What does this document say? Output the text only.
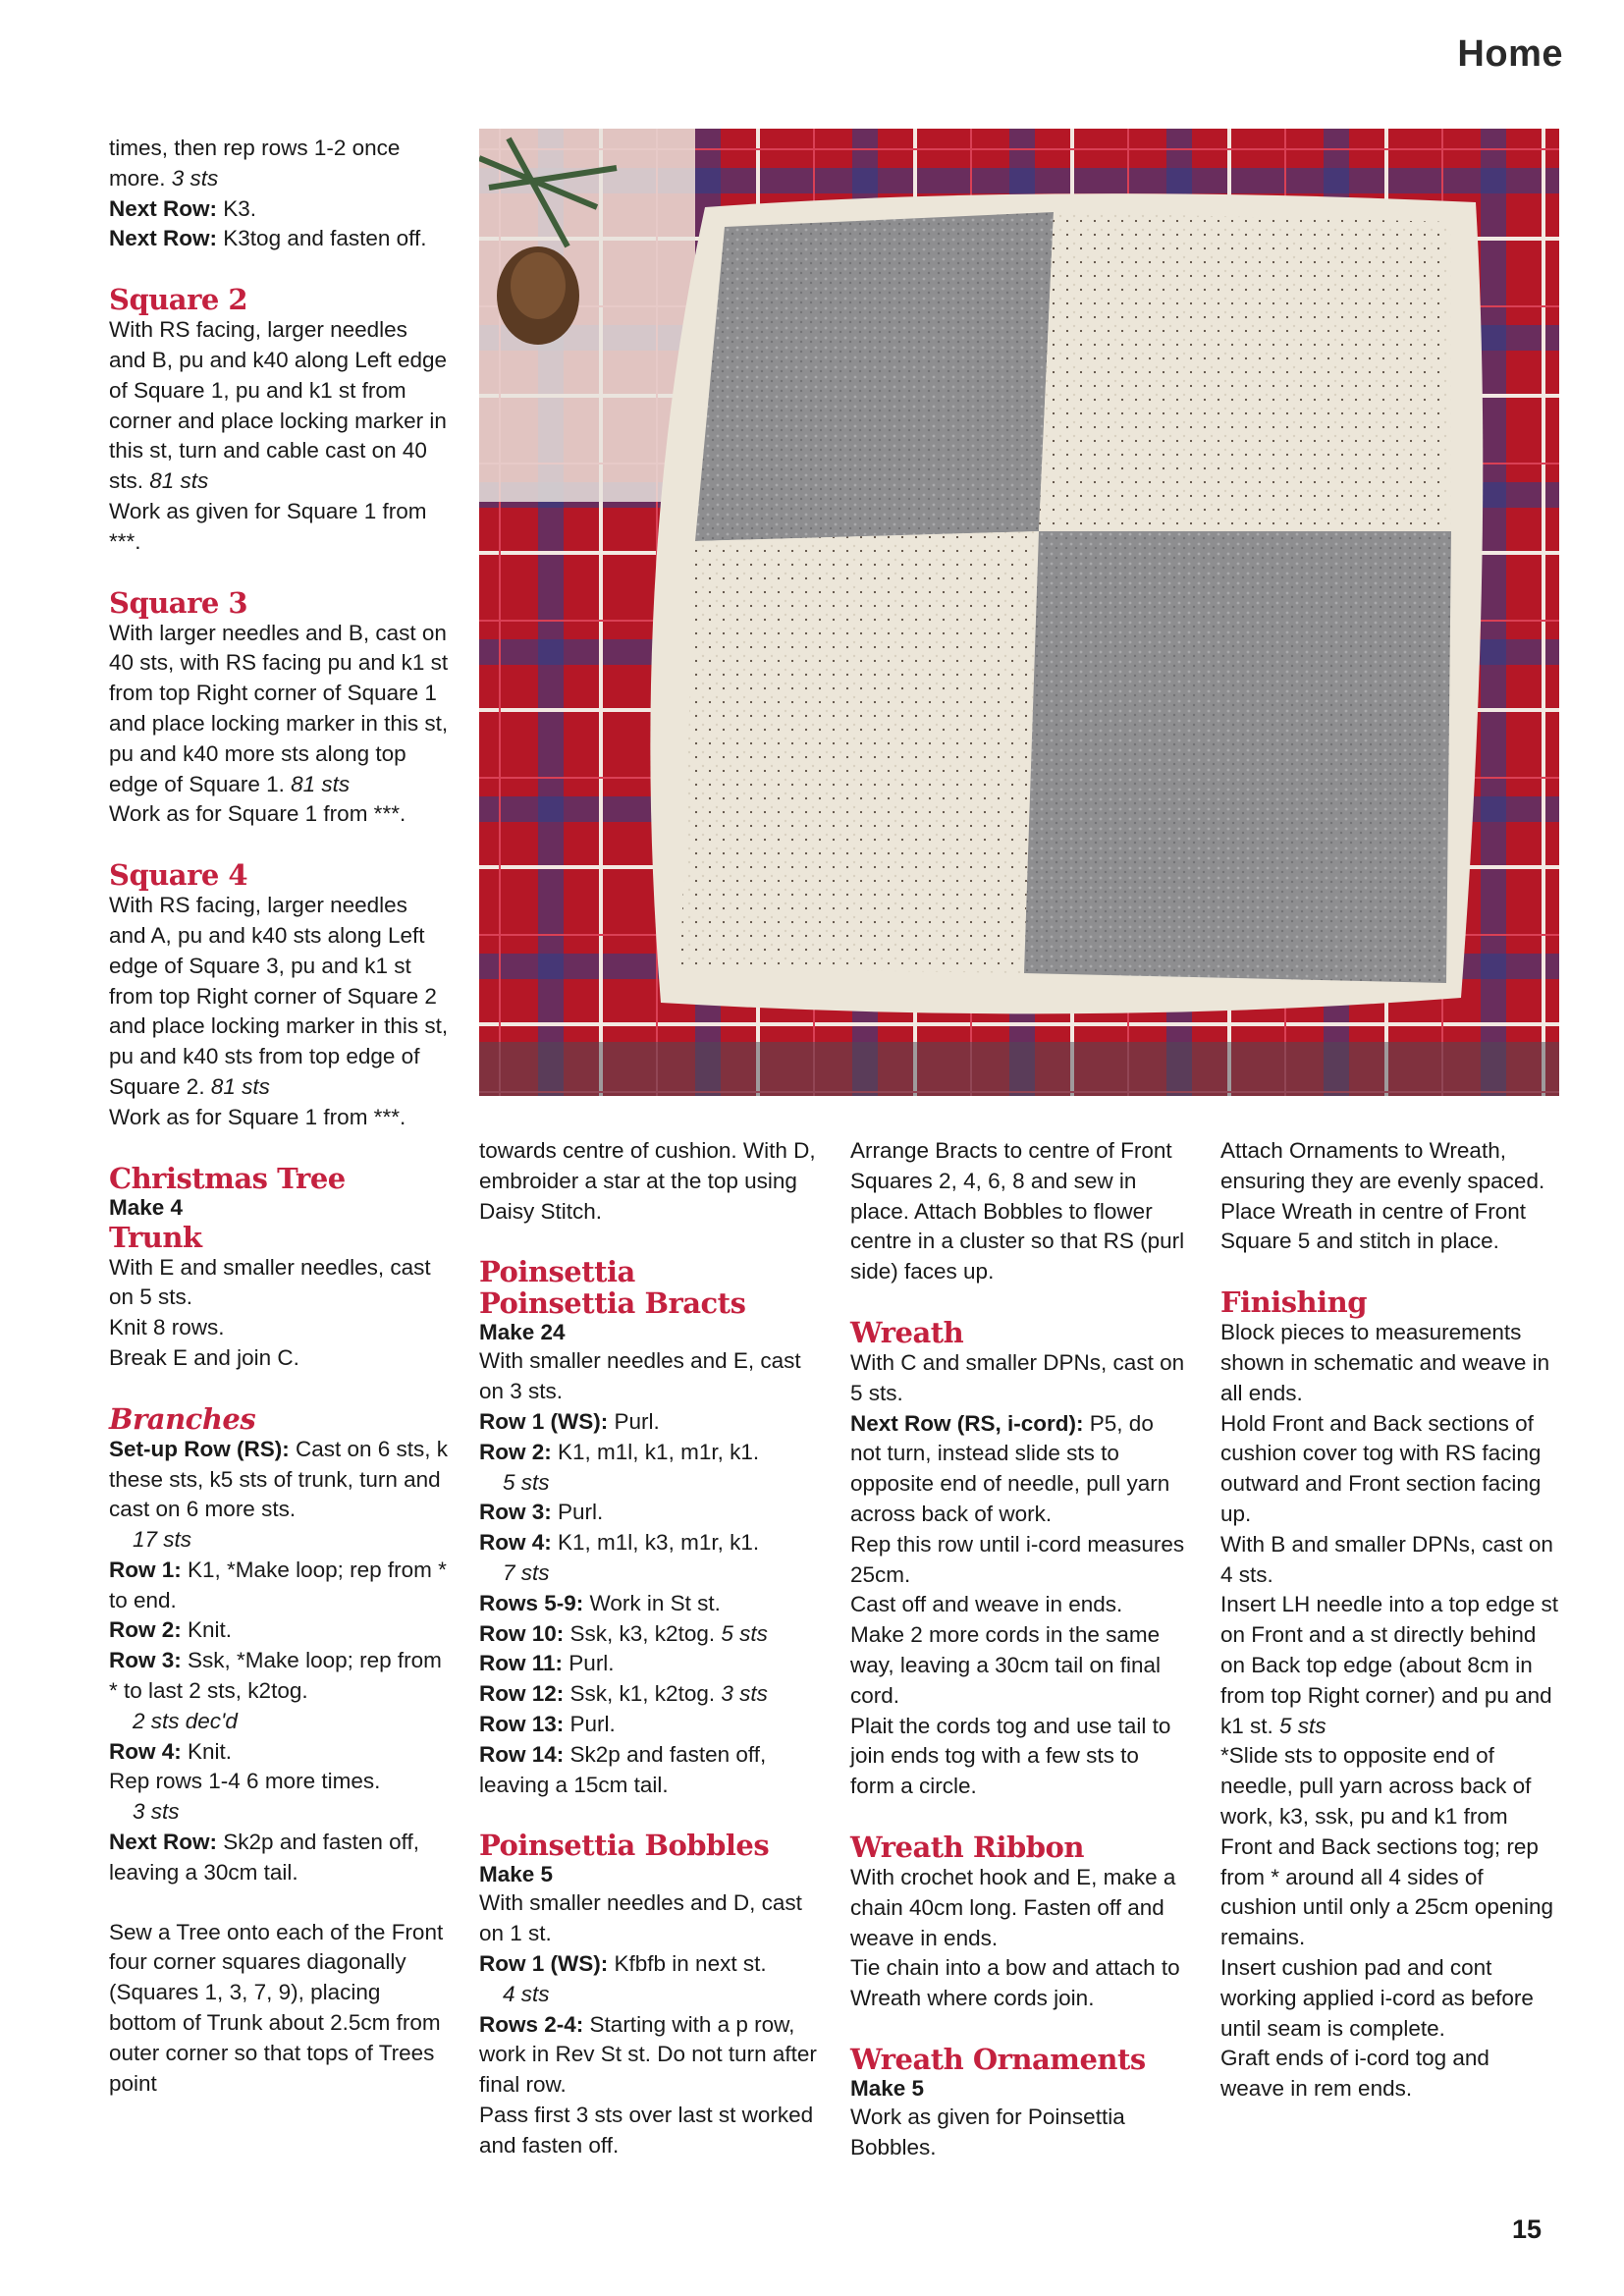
Home

times, then rep rows 1-2 once more. 3 sts

Next Row: K3.

Next Row: K3tog and fasten off.

Square 2

With RS facing, larger needles and B, pu and k40 along Left edge of Square 1, pu and k1 st from corner and place locking marker in this st, turn and cable cast on 40 sts. 81 sts

Work as given for Square 1 from ***.

Square 3

With larger needles and B, cast on 40 sts, with RS facing pu and k1 st from top Right corner of Square 1 and place locking marker in this st, pu and k40 more sts along top edge of Square 1. 81 sts

Work as for Square 1 from ***.

Square 4

With RS facing, larger needles and A, pu and k40 sts along Left edge of Square 3, pu and k1 st from top Right corner of Square 2 and place locking marker in this st, pu and k40 sts from top edge of Square 2. 81 sts

Work as for Square 1 from ***.

Christmas Tree
Make 4
Trunk

With E and smaller needles, cast on 5 sts.

Knit 8 rows.

Break E and join C.

Branches

Set-up Row (RS): Cast on 6 sts, k these sts, k5 sts of trunk, turn and cast on 6 more sts.

17 sts

Row 1: K1, *Make loop; rep from * to end.

Row 2: Knit.

Row 3: Ssk, *Make loop; rep from * to last 2 sts, k2tog.

2 sts dec'd

Row 4: Knit.

Rep rows 1-4 6 more times.

3 sts

Next Row: Sk2p and fasten off, leaving a 30cm tail.

Sew a Tree onto each of the Front four corner squares diagonally (Squares 1, 3, 7, 9), placing bottom of Trunk about 2.5cm from outer corner so that tops of Trees point

towards centre of cushion. With D, embroider a star at the top using Daisy Stitch.

Poinsettia
Poinsettia Bracts
Make 24

With smaller needles and E, cast on 3 sts.

Row 1 (WS): Purl.

Row 2: K1, m1l, k1, m1r, k1.

5 sts

Row 3: Purl.

Row 4: K1, m1l, k3, m1r, k1.

7 sts

Rows 5-9: Work in St st.

Row 10: Ssk, k3, k2tog. 5 sts

Row 11: Purl.

Row 12: Ssk, k1, k2tog. 3 sts

Row 13: Purl.

Row 14: Sk2p and fasten off, leaving a 15cm tail.

Poinsettia Bobbles
Make 5

With smaller needles and D, cast on 1 st.

Row 1 (WS): Kfbfb in next st.

4 sts

Rows 2-4: Starting with a p row, work in Rev St st. Do not turn after final row.

Pass first 3 sts over last st worked and fasten off.

Arrange Bracts to centre of Front Squares 2, 4, 6, 8 and sew in place. Attach Bobbles to flower centre in a cluster so that RS (purl side) faces up.

Wreath

With C and smaller DPNs, cast on 5 sts.

Next Row (RS, i-cord): P5, do not turn, instead slide sts to opposite end of needle, pull yarn across back of work.

Rep this row until i-cord measures 25cm.

Cast off and weave in ends.

Make 2 more cords in the same way, leaving a 30cm tail on final cord.

Plait the cords tog and use tail to join ends tog with a few sts to form a circle.

Wreath Ribbon

With crochet hook and E, make a chain 40cm long. Fasten off and weave in ends.

Tie chain into a bow and attach to Wreath where cords join.

Wreath Ornaments
Make 5

Work as given for Poinsettia Bobbles.

Attach Ornaments to Wreath, ensuring they are evenly spaced.

Place Wreath in centre of Front Square 5 and stitch in place.

Finishing

Block pieces to measurements shown in schematic and weave in all ends.

Hold Front and Back sections of cushion cover tog with RS facing outward and Front section facing up.

With B and smaller DPNs, cast on 4 sts.

Insert LH needle into a top edge st on Front and a st directly behind on Back top edge (about 8cm in from top Right corner) and pu and k1 st. 5 sts

*Slide sts to opposite end of needle, pull yarn across back of work, k3, ssk, pu and k1 from Front and Back sections tog; rep from * around all 4 sides of cushion until only a 25cm opening remains.

Insert cushion pad and cont working applied i-cord as before until seam is complete.

Graft ends of i-cord tog and weave in rem ends.

15
